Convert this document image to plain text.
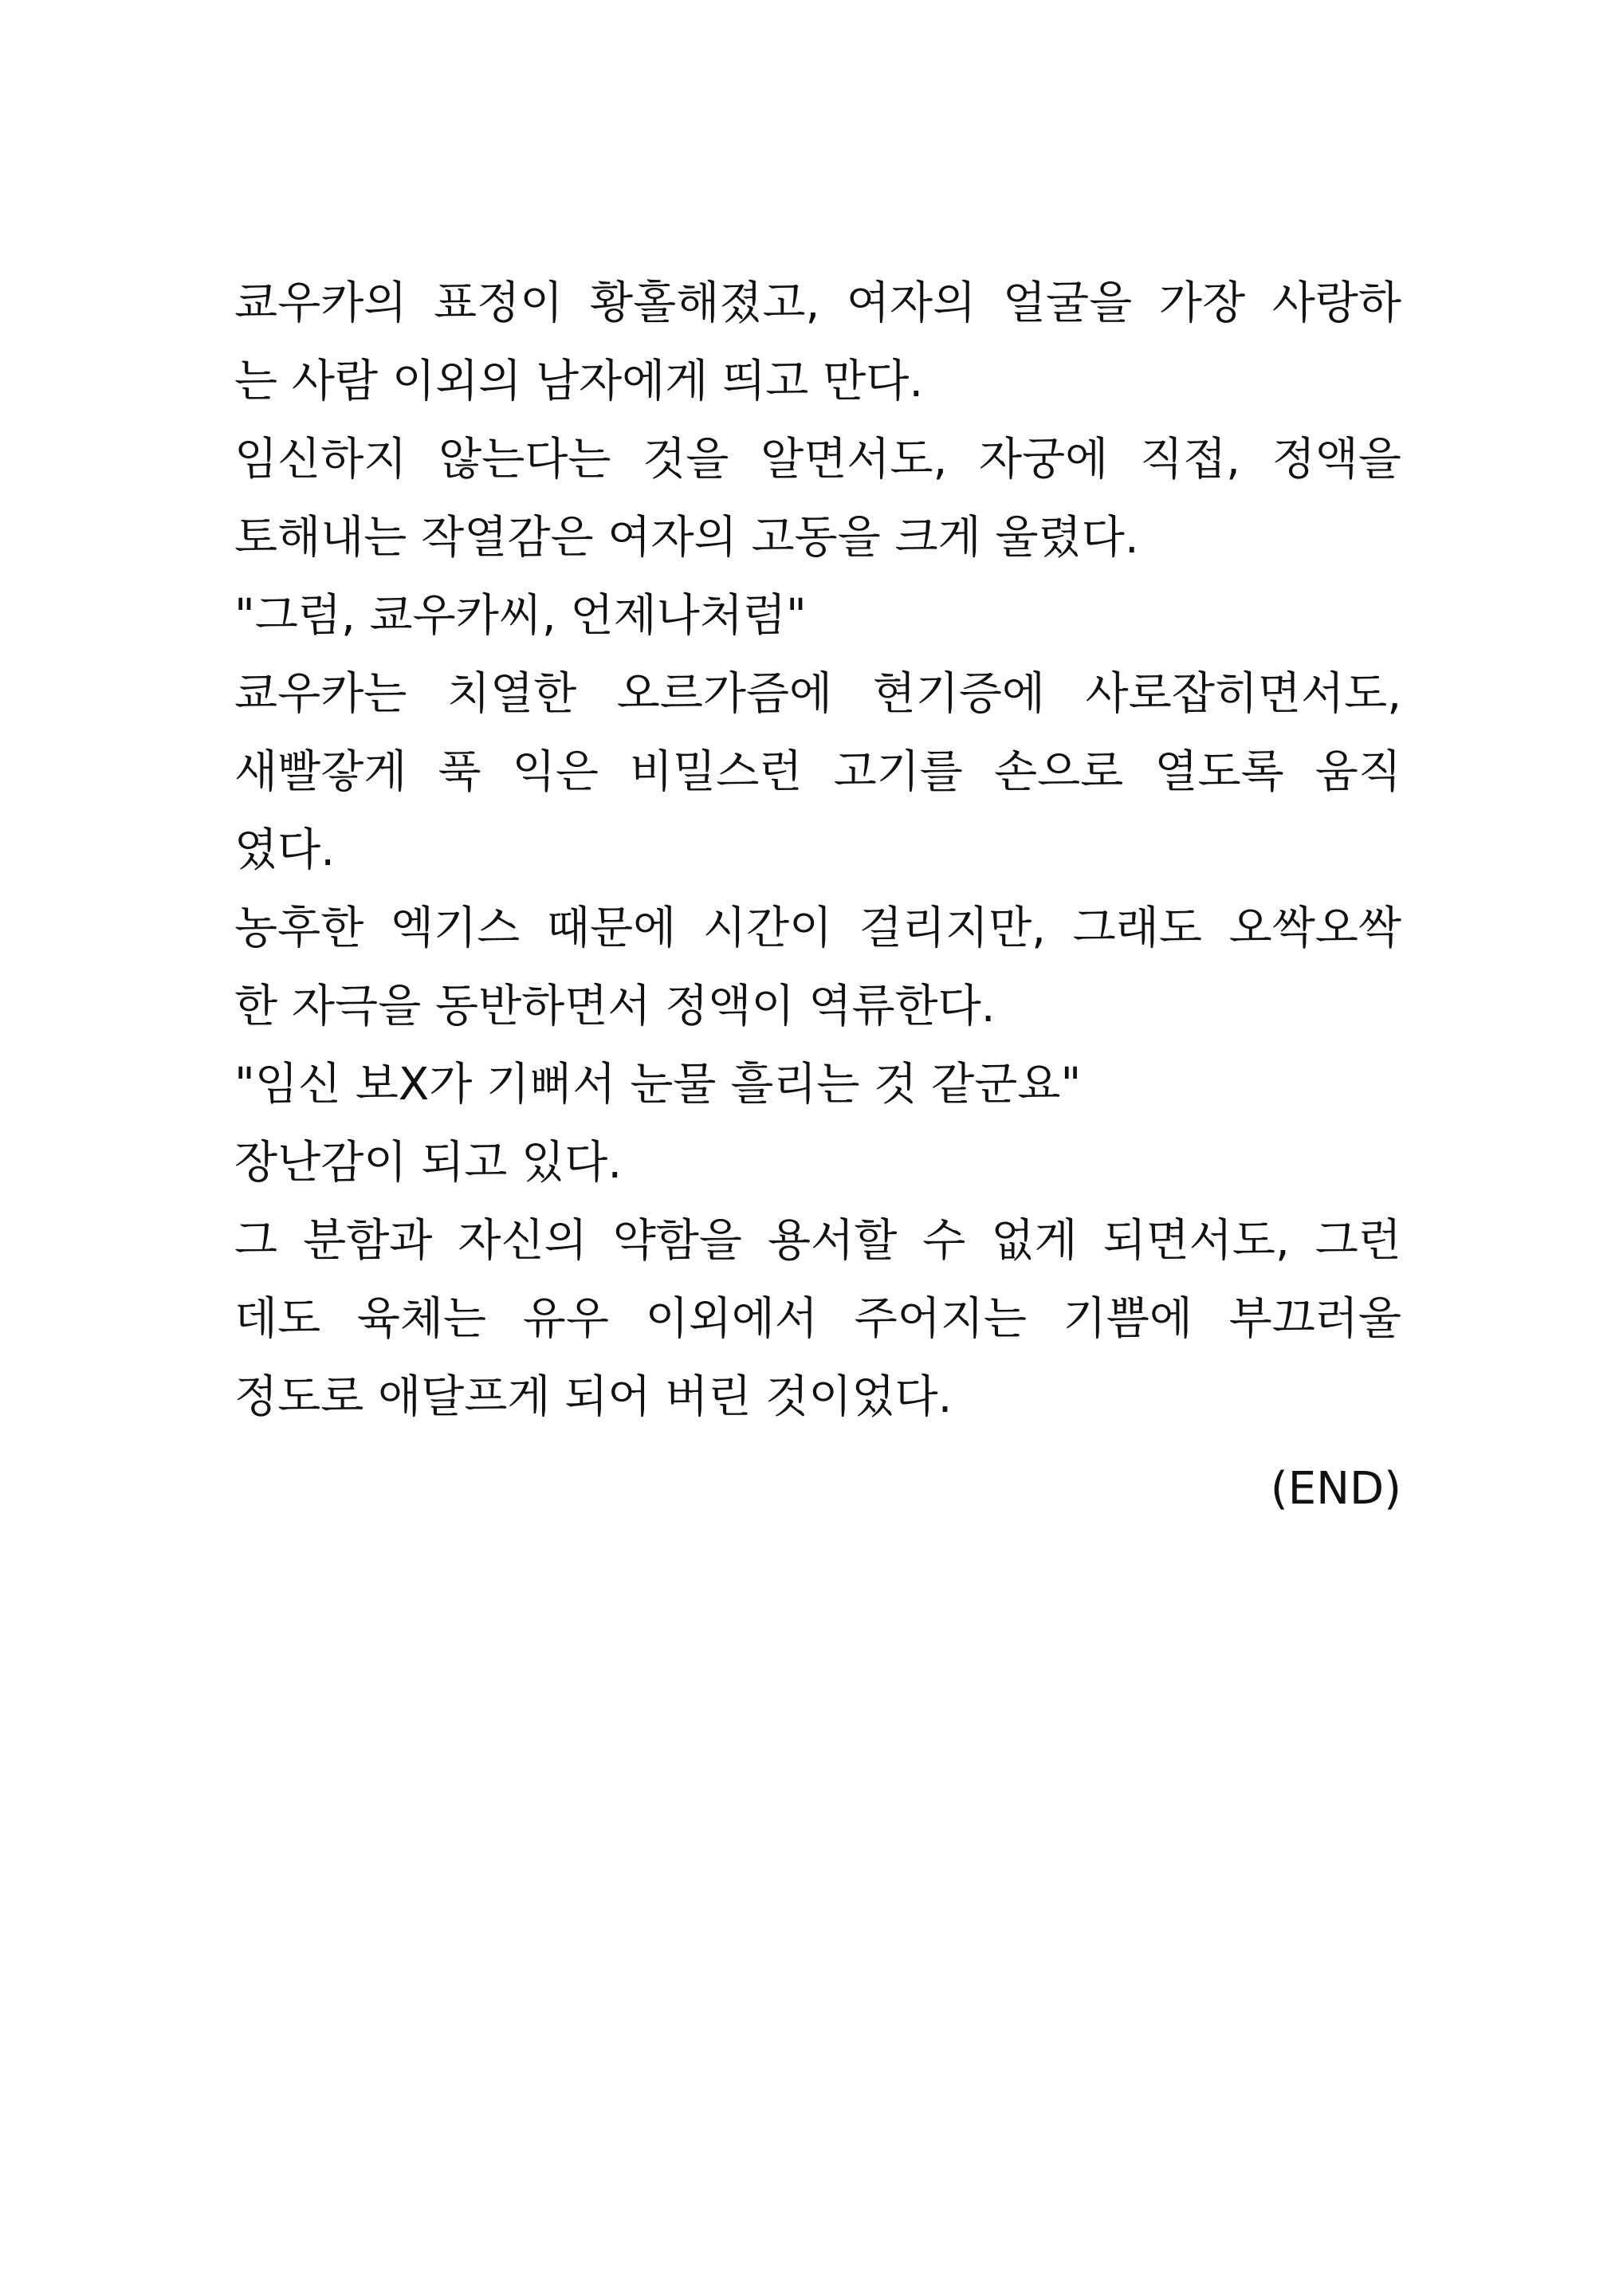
쿄우카의 표정이 황홀해졌고, 여자의 얼굴을 가장 사랑하
는 사람 이외의 남자에게 띄고 만다.

임신하지 않는다는 것을 알면서도, 자궁에 직접, 정액을
토해내는 작열감은 여자의 고동을 크게 울렸다.

"그럼, 쿄우카씨, 언제나처럼"

쿄우카는 치열한 오르가즘에 현기증에 사로잡히면서도,
새빨갛게 푹 익은 비밀스런 고기를 손으로 열도록 움직
였다.

농후한 엑기스 때문에 시간이 걸리지만, 그래도 오싹오싹
한 자극을 동반하면서 정액이 역류한다.

"임신 보X가 기뻐서 눈물 흘리는 것 같군요"

장난감이 되고 있다.

그 분함과 자신의 약함을 용서할 수 없게 되면서도, 그런
데도 육체는 유우 이외에서 주어지는 기쁨에 부끄러울
정도로 애달프게 되어 버린 것이었다.

(END)
